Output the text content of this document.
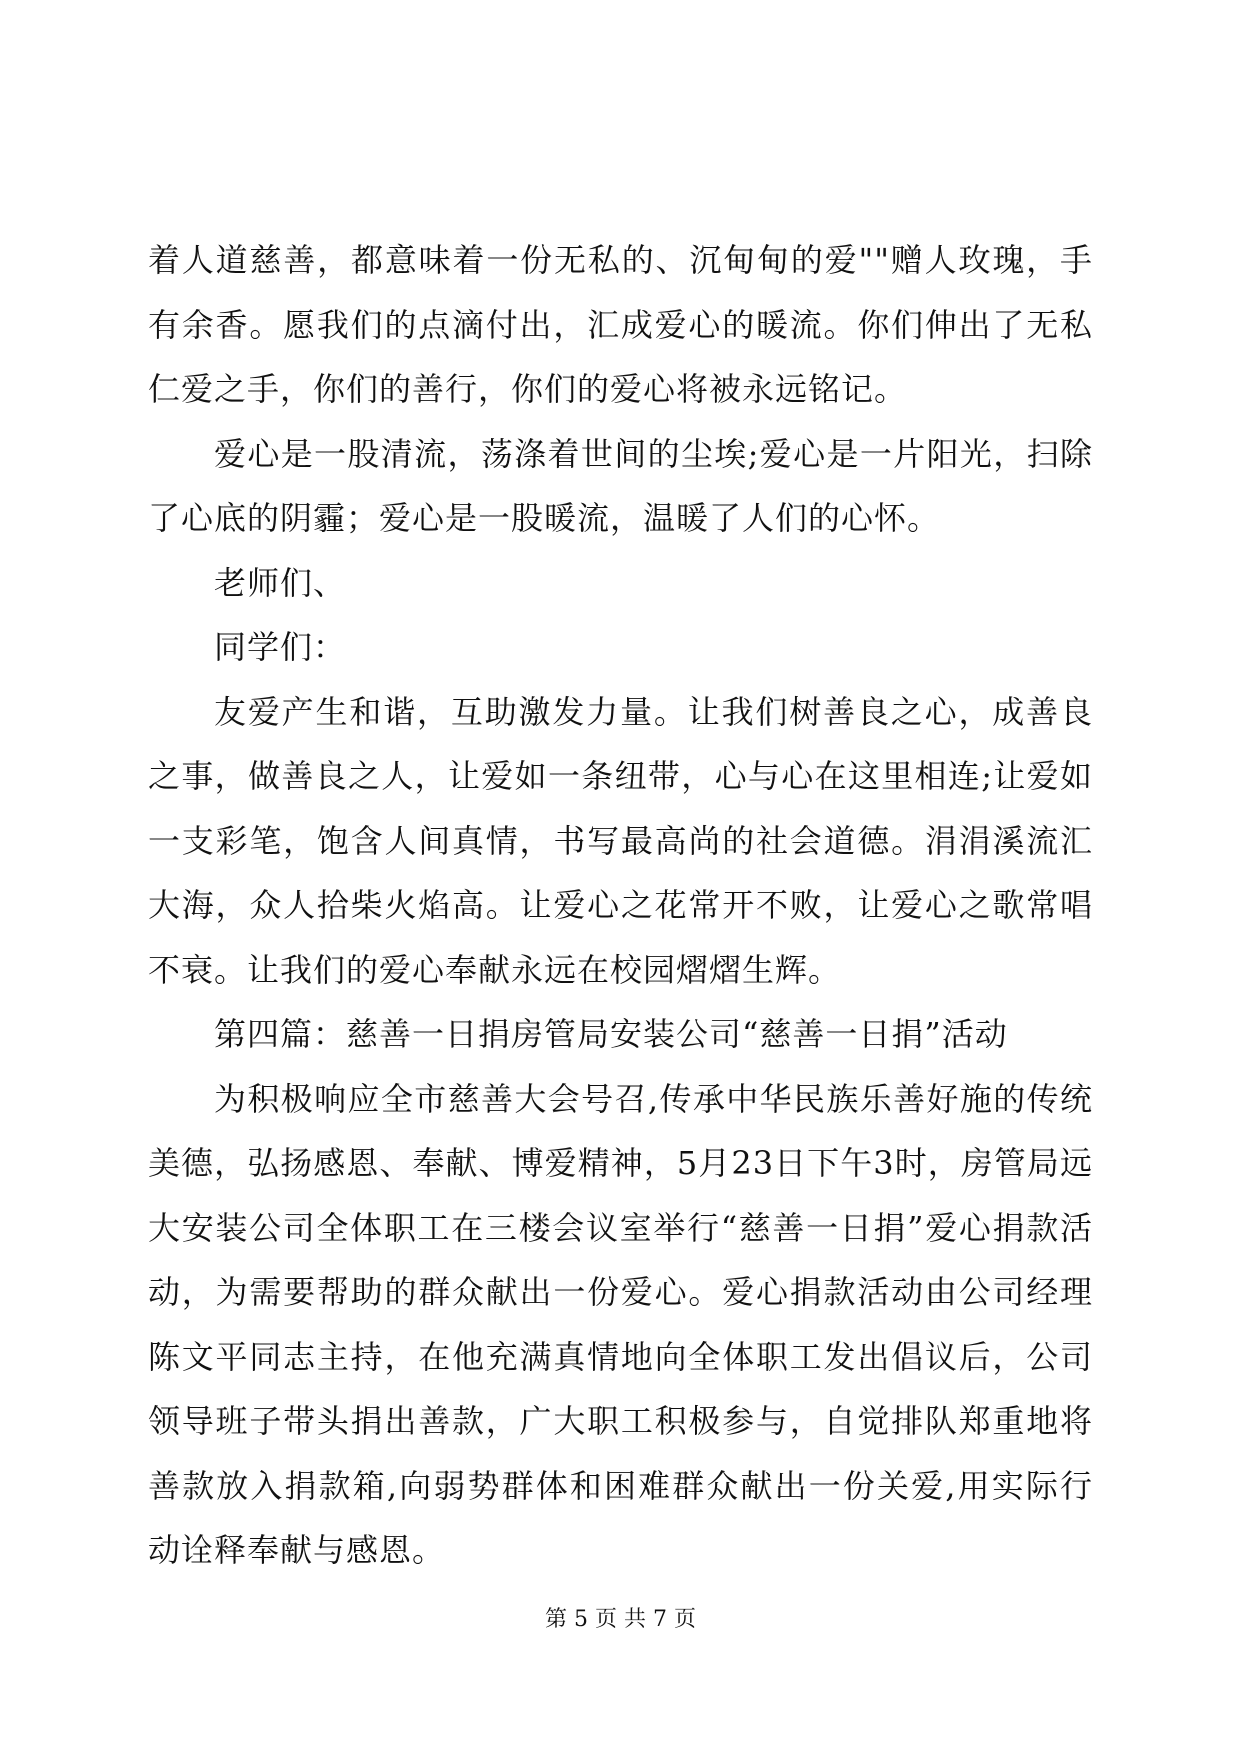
着人道慈善，都意味着一份无私的、沉甸甸的爱""赠人玫瑰，手有余香。愿我们的点滴付出，汇成爱心的暖流。你们伸出了无私仁爱之手，你们的善行，你们的爱心将被永远铭记。

爱心是一股清流，荡涤着世间的尘埃;爱心是一片阳光，扫除了心底的阴霾；爱心是一股暖流，温暖了人们的心怀。

老师们、

同学们：

友爱产生和谐，互助激发力量。让我们树善良之心，成善良之事，做善良之人，让爱如一条纽带，心与心在这里相连;让爱如一支彩笔，饱含人间真情，书写最高尚的社会道德。涓涓溪流汇大海，众人拾柴火焰高。让爱心之花常开不败，让爱心之歌常唱不衰。让我们的爱心奉献永远在校园熠熠生辉。

第四篇：慈善一日捐房管局安装公司“慈善一日捐”活动

为积极响应全市慈善大会号召,传承中华民族乐善好施的传统美德，弘扬感恩、奉献、博爱精神，5月23日下午3时，房管局远大安装公司全体职工在三楼会议室举行“慈善一日捐”爱心捐款活动，为需要帮助的群众献出一份爱心。爱心捐款活动由公司经理陈文平同志主持，在他充满真情地向全体职工发出倡议后，公司领导班子带头捐出善款，广大职工积极参与，自觉排队郑重地将善款放入捐款箱,向弱势群体和困难群众献出一份关爱,用实际行动诠释奉献与感恩。

第 5 页 共 7 页
